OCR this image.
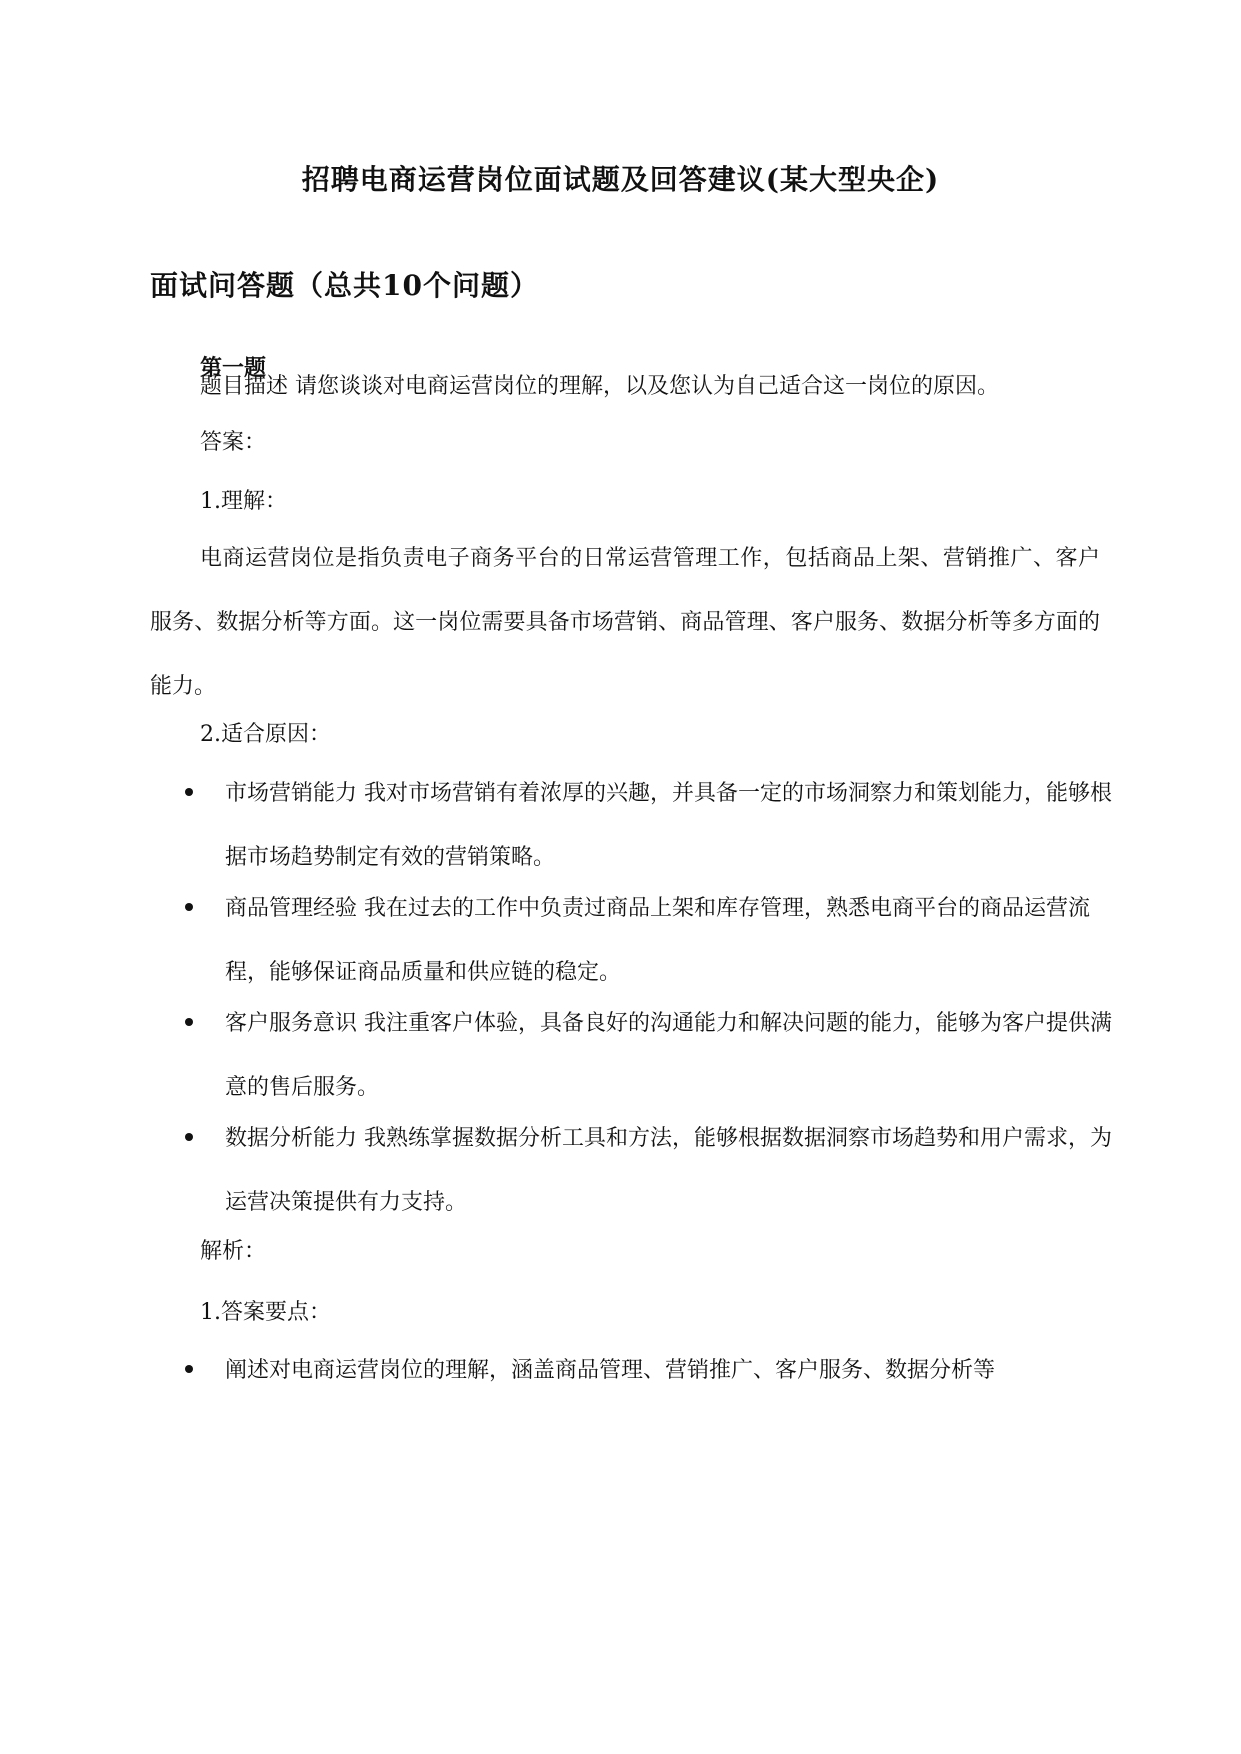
招聘电商运营岗位面试题及回答建议(某大型央企)
面试问答题（总共10个问题）
第一题
题目描述 请您谈谈对电商运营岗位的理解，以及您认为自己适合这一岗位的原因。
答案：
1.理解：
电商运营岗位是指负责电子商务平台的日常运营管理工作，包括商品上架、营销推广、客户服务、数据分析等方面。这一岗位需要具备市场营销、商品管理、客户服务、数据分析等多方面的能力。
2.适合原因：
市场营销能力 我对市场营销有着浓厚的兴趣，并具备一定的市场洞察力和策划能力，能够根据市场趋势制定有效的营销策略。
商品管理经验 我在过去的工作中负责过商品上架和库存管理，熟悉电商平台的商品运营流程，能够保证商品质量和供应链的稳定。
客户服务意识 我注重客户体验，具备良好的沟通能力和解决问题的能力，能够为客户提供满意的售后服务。
数据分析能力 我熟练掌握数据分析工具和方法，能够根据数据洞察市场趋势和用户需求，为运营决策提供有力支持。
解析：
1.答案要点：
阐述对电商运营岗位的理解，涵盖商品管理、营销推广、客户服务、数据分析等
